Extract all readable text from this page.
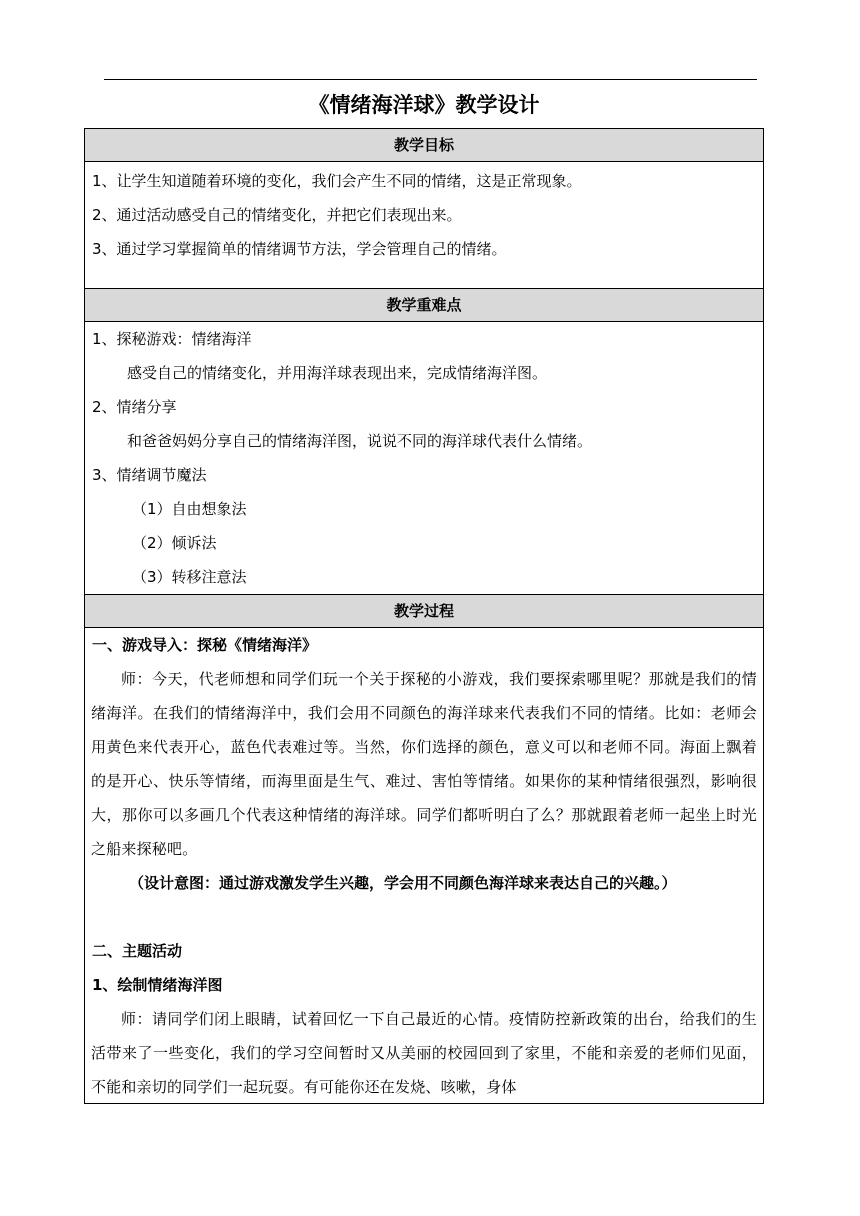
《情绪海洋球》教学设计
教学目标
1、让学生知道随着环境的变化，我们会产生不同的情绪，这是正常现象。
2、通过活动感受自己的情绪变化，并把它们表现出来。
3、通过学习掌握简单的情绪调节方法，学会管理自己的情绪。
教学重难点
1、探秘游戏：情绪海洋
感受自己的情绪变化，并用海洋球表现出来，完成情绪海洋图。
2、情绪分享
和爸爸妈妈分享自己的情绪海洋图，说说不同的海洋球代表什么情绪。
3、情绪调节魔法
（1）自由想象法
（2）倾诉法
（3）转移注意法
教学过程
一、游戏导入：探秘《情绪海洋》
师：今天，代老师想和同学们玩一个关于探秘的小游戏，我们要探索哪里呢？那就是我们的情绪海洋。在我们的情绪海洋中，我们会用不同颜色的海洋球来代表我们不同的情绪。比如：老师会用黄色来代表开心，蓝色代表难过等。当然，你们选择的颜色，意义可以和老师不同。海面上飘着的是开心、快乐等情绪，而海里面是生气、难过、害怕等情绪。如果你的某种情绪很强烈，影响很大，那你可以多画几个代表这种情绪的海洋球。同学们都听明白了么？那就跟着老师一起坐上时光之船来探秘吧。
（设计意图：通过游戏激发学生兴趣，学会用不同颜色海洋球来表达自己的兴趣。）
二、主题活动
1、绘制情绪海洋图
师：请同学们闭上眼睛，试着回忆一下自己最近的心情。疫情防控新政策的出台，给我们的生活带来了一些变化，我们的学习空间暂时又从美丽的校园回到了家里，不能和亲爱的老师们见面，不能和亲切的同学们一起玩耍。有可能你还在发烧、咳嗽，身体
